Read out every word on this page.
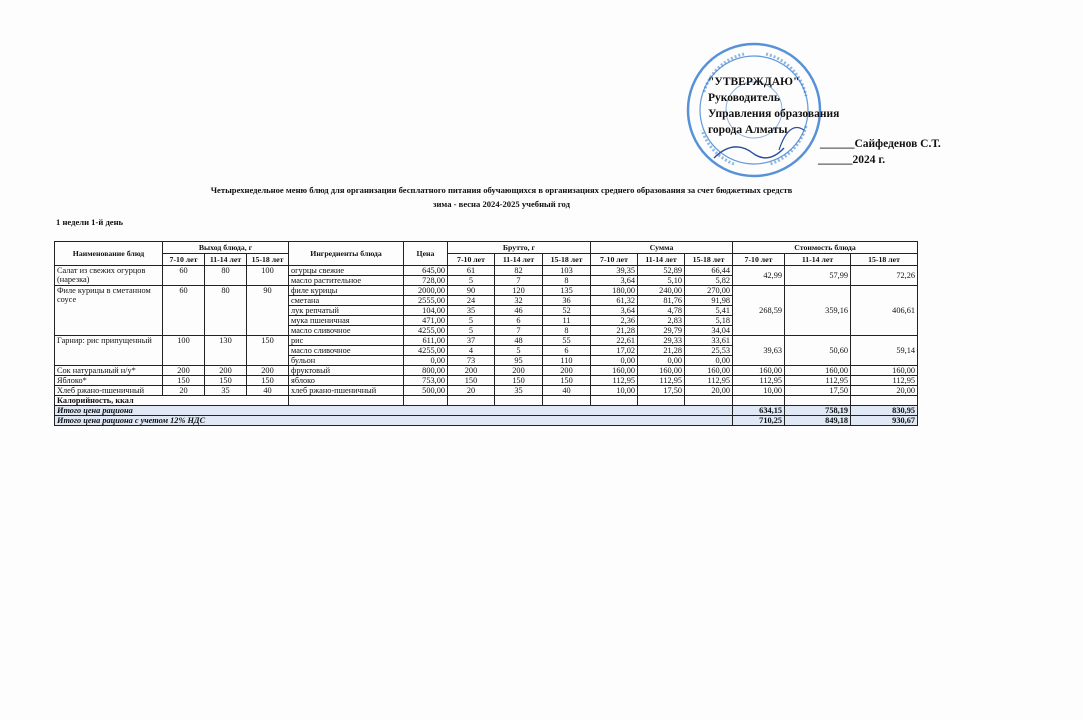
"УТВЕРЖДАЮ"
Руководитель
Управления образования
города Алматы
______Сайфеденов С.Т.
______2024 г.
Четырехнедельное меню блюд для организации бесплатного питания обучающихся в организациях среднего образования за счет бюджетных средств
зима - весна 2024-2025 учебный год
1 недели 1-й день
Наименование блюд	Выход блюда, г			Ингредиенты блюда	Цена	Брутто, г			Сумма			Стоимость блюда		
	7-10 лет	11-14 лет	15-18 лет			7-10 лет	11-14 лет	15-18 лет	7-10 лет	11-14 лет	15-18 лет	7-10 лет	11-14 лет	15-18 лет
Салат из свежих огурцов (нарезка)	60	80	100	огурцы свежие	645,00	61	82	103	39,35	52,89	66,44	42,99	57,99	72,26
				масло растительное	728,00	5	7	8	3,64	5,10	5,82			
Филе курицы в сметанном соусе	60	80	90	филе курицы	2000,00	90	120	135	180,00	240,00	270,00	268,59	359,16	406,61
				сметана	2555,00	24	32	36	61,32	81,76	91,98			
				лук репчатый	104,00	35	46	52	3,64	4,78	5,41			
				мука пшеничная	471,00	5	6	11	2,36	2,83	5,18			
				масло сливочное	4255,00	5	7	8	21,28	29,79	34,04			
Гарнир: рис припущенный	100	130	150	рис	611,00	37	48	55	22,61	29,33	33,61	39,63	50,60	59,14
				масло сливочное	4255,00	4	5	6	17,02	21,28	25,53			
				бульон	0,00	73	95	110	0,00	0,00	0,00			
Сок натуральный н/у*	200	200	200	фруктовый	800,00	200	200	200	160,00	160,00	160,00	160,00	160,00	160,00
Яблоко*	150	150	150	яблоко	753,00	150	150	150	112,95	112,95	112,95	112,95	112,95	112,95
Хлеб ржано-пшеничный	20	35	40	хлеб ржано-пшеничный	500,00	20	35	40	10,00	17,50	20,00	10,00	17,50	20,00
Калорийность, ккал														
Итого цена рациона												634,15	758,19	830,95
Итого цена рациона с учетом 12% НДС												710,25	849,18	930,67
